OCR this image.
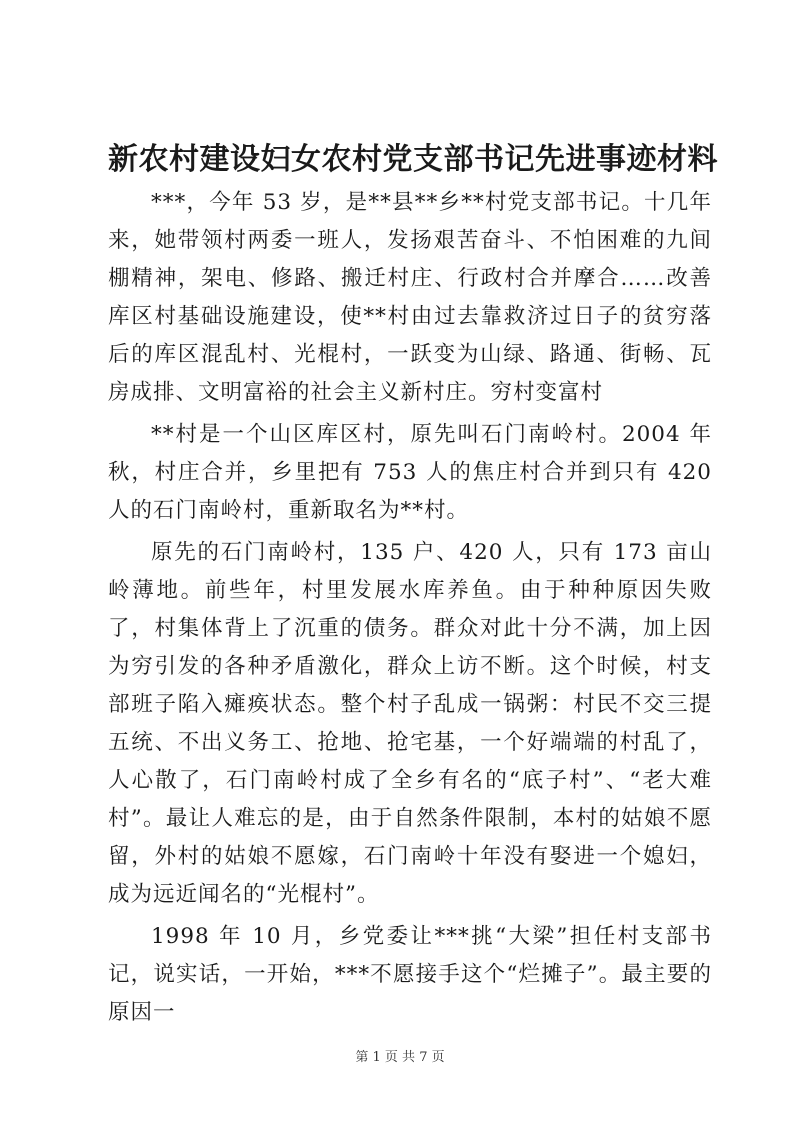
新农村建设妇女农村党支部书记先进事迹材料

***，今年 53 岁，是**县**乡**村党支部书记。十几年来，她带领村两委一班人，发扬艰苦奋斗、不怕困难的九间棚精神，架电、修路、搬迁村庄、行政村合并摩合……改善库区村基础设施建设，使**村由过去靠救济过日子的贫穷落后的库区混乱村、光棍村，一跃变为山绿、路通、街畅、瓦房成排、文明富裕的社会主义新村庄。穷村变富村

**村是一个山区库区村，原先叫石门南岭村。2004 年秋，村庄合并，乡里把有 753 人的焦庄村合并到只有 420 人的石门南岭村，重新取名为**村。

原先的石门南岭村，135 户、420 人，只有 173 亩山岭薄地。前些年，村里发展水库养鱼。由于种种原因失败了，村集体背上了沉重的债务。群众对此十分不满，加上因为穷引发的各种矛盾激化，群众上访不断。这个时候，村支部班子陷入瘫痪状态。整个村子乱成一锅粥：村民不交三提五统、不出义务工、抢地、抢宅基，一个好端端的村乱了，人心散了，石门南岭村成了全乡有名的“底子村”、“老大难村”。最让人难忘的是，由于自然条件限制，本村的姑娘不愿留，外村的姑娘不愿嫁，石门南岭十年没有娶进一个媳妇，成为远近闻名的“光棍村”。

1998 年 10 月，乡党委让***挑“大梁”担任村支部书记，说实话，一开始，***不愿接手这个“烂摊子”。最主要的原因一

第 1 页 共 7 页
